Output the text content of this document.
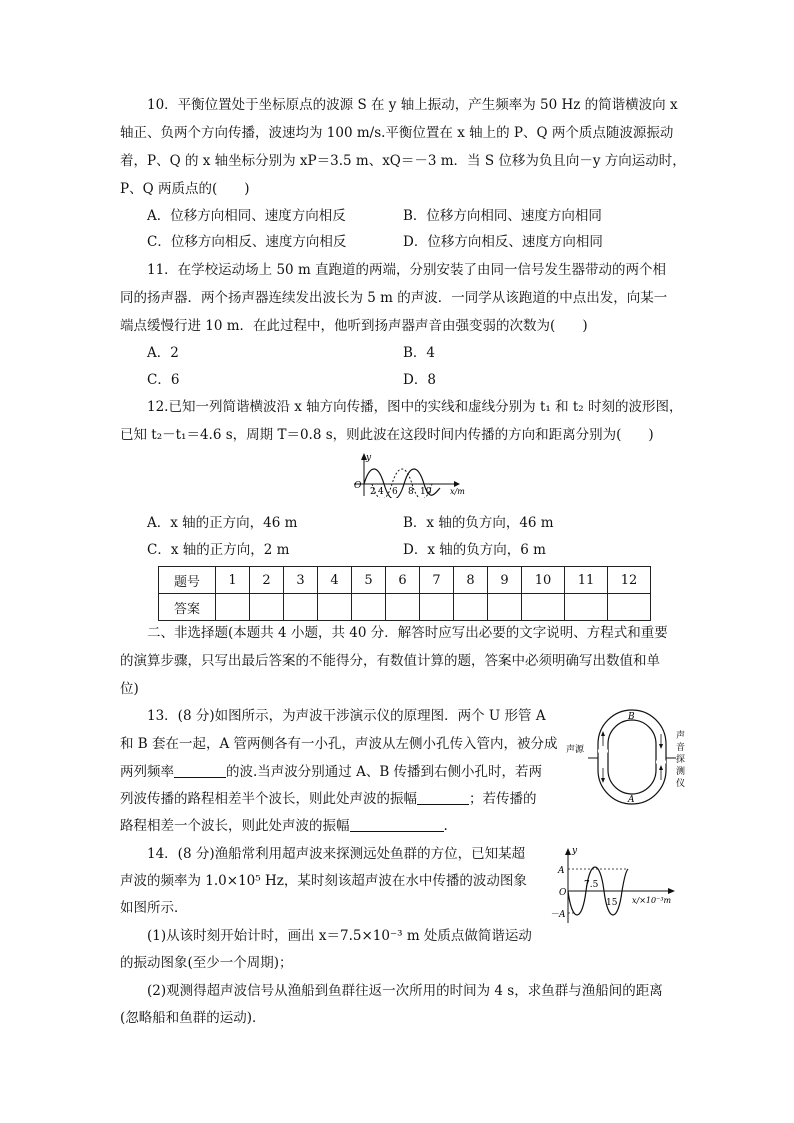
10．平衡位置处于坐标原点的波源 S 在 y 轴上振动，产生频率为 50 Hz 的简谐横波向 x
轴正、负两个方向传播，波速均为 100 m/s.平衡位置在 x 轴上的 P、Q 两个质点随波源振动
着，P、Q 的 x 轴坐标分别为 xP＝3.5 m、xQ＝－3 m．当 S 位移为负且向－y 方向运动时，
P、Q 两质点的(　　)
A．位移方向相同、速度方向相反	B．位移方向相同、速度方向相同
C．位移方向相反、速度方向相反	D．位移方向相反、速度方向相同
11．在学校运动场上 50 m 直跑道的两端，分别安装了由同一信号发生器带动的两个相
同的扬声器．两个扬声器连续发出波长为 5 m 的声波．一同学从该跑道的中点出发，向某一
端点缓慢行进 10 m．在此过程中，他听到扬声器声音由强变弱的次数为(　　)
A．2	B．4
C．6	D．8
12.已知一列简谐横波沿 x 轴方向传播，图中的实线和虚线分别为 t₁ 和 t₂ 时刻的波形图，
已知 t₂－t₁＝4.6 s，周期 T＝0.8 s，则此波在这段时间内传播的方向和距离分别为(　　)
y
O
2 4 6 8 10 x/m
A．x 轴的正方向，46 m	B．x 轴的负方向，46 m
C．x 轴的正方向，2 m	D．x 轴的负方向，6 m
题号	1	2	3	4	5	6	7	8	9	10	11	12
答案												
二、非选择题(本题共 4 小题，共 40 分．解答时应写出必要的文字说明、方程式和重要
的演算步骤，只写出最后答案的不能得分，有数值计算的题，答案中必须明确写出数值和单
位)
13．(8 分)如图所示，为声波干涉演示仪的原理图．两个 U 形管 A
和 B 套在一起，A 管两侧各有一小孔，声波从左侧小孔传入管内，被分成
两列频率	的波.当声波分别通过 A、B 传播到右侧小孔时，若两
列波传播的路程相差半个波长，则此处声波的振幅	；若传播的
路程相差一个波长，则此处声波的振幅	.
B
A
声源
声
音
探
测
仪
14．(8 分)渔船常利用超声波来探测远处鱼群的方位，已知某超
声波的频率为 1.0×10⁵ Hz，某时刻该超声波在水中传播的波动图象
如图所示．
(1)从该时刻开始计时，画出 x＝7.5×10⁻³ m 处质点做简谐运动
的振动图象(至少一个周期)；
(2)观测得超声波信号从渔船到鱼群往返一次所用的时间为 4 s，求鱼群与渔船间的距离
(忽略船和鱼群的运动)．
y
O
A
－A
7.5
15 x/×10⁻³m
